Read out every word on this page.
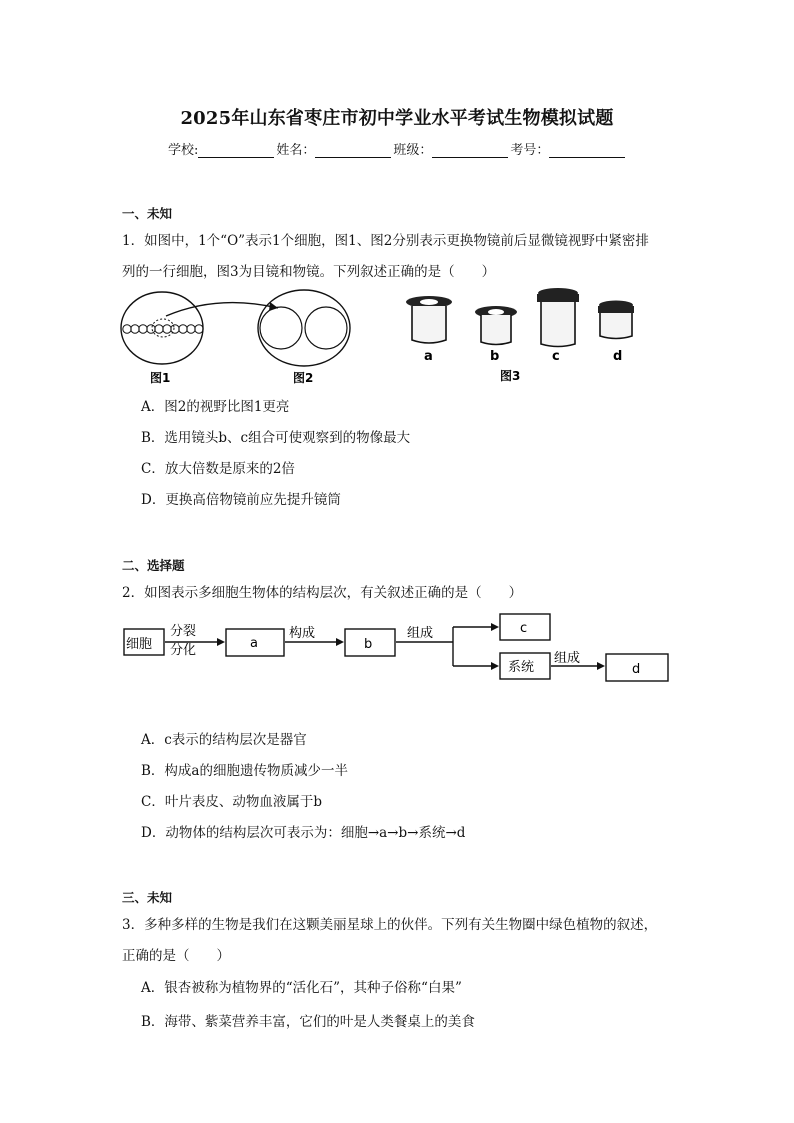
2025年山东省枣庄市初中学业水平考试生物模拟试题
学校:	姓名：	班级：	考号：
一、未知
1．如图中，1个“O”表示1个细胞，图1、图2分别表示更换物镜前后显微镜视野中紧密排
列的一行细胞，图3为目镜和物镜。下列叙述正确的是（　　）
图1	图2
a	b	c	d
图3
A．图2的视野比图1更亮
B．选用镜头b、c组合可使观察到的物像最大
C．放大倍数是原来的2倍
D．更换高倍物镜前应先提升镜筒
二、选择题
2．如图表示多细胞生物体的结构层次，有关叙述正确的是（　　）
细胞
分裂
分化	a
构成
b
组成	c
系统
组成
d
A．c表示的结构层次是器官
B．构成a的细胞遗传物质减少一半
C．叶片表皮、动物血液属于b
D．动物体的结构层次可表示为：细胞→a→b→系统→d
三、未知
3．多种多样的生物是我们在这颗美丽星球上的伙伴。下列有关生物圈中绿色植物的叙述，
正确的是（　　）
A．银杏被称为植物界的“活化石”，其种子俗称“白果”
B．海带、紫菜营养丰富，它们的叶是人类餐桌上的美食
